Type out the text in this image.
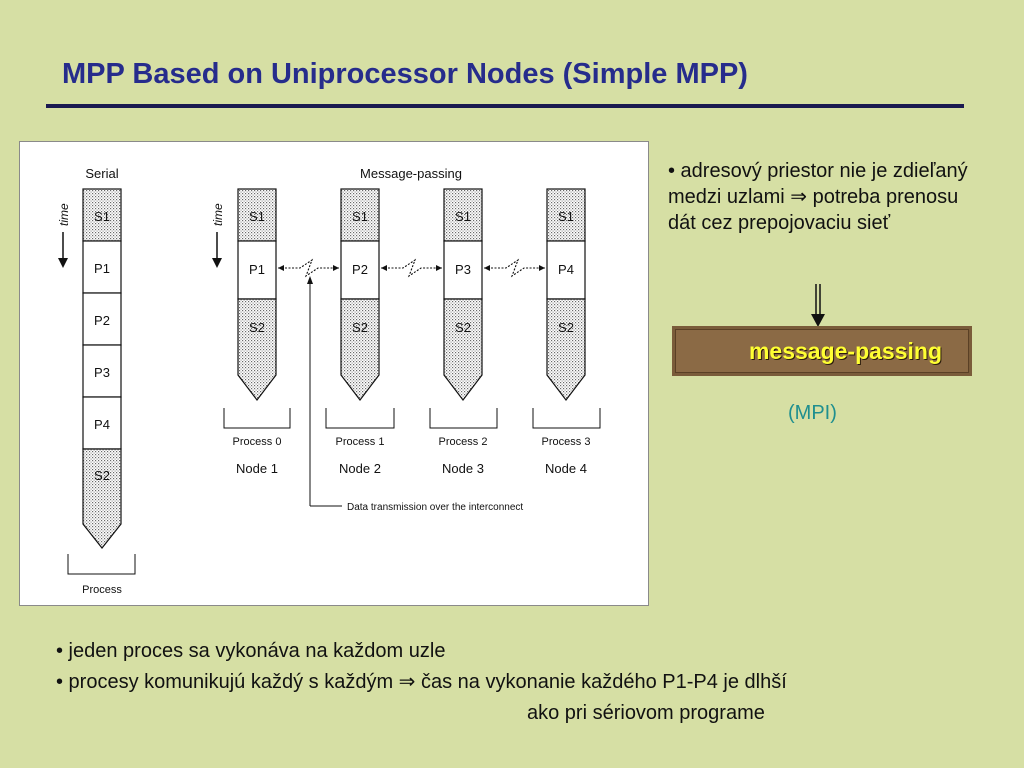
MPP Based on Uniprocessor Nodes (Simple MPP)
Serial
time S1
P1
P2
P3
P4
S2
Process
Message-passing
time S1
P1
S2
S1
P2
S2
S1
P3
S2
S1
P4
S2
Process 0	Process 1	Process 2	Process 3
Node 1	Node 2	Node 3	Node 4
Data transmission over the interconnect
• adresový priestor nie je zdieľaný medzi uzlami ⇒ potreba prenosu dát cez prepojovaciu sieť
message-passing
(MPI)
• jeden proces sa vykonáva na každom uzle
• procesy komunikujú každý s každým ⇒ čas na vykonanie každého P1-P4 je dlhší
ako pri sériovom programe
